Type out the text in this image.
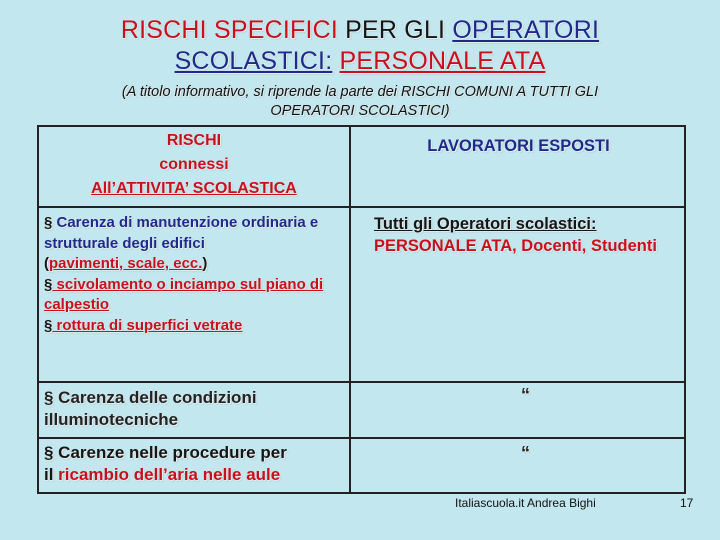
RISCHI SPECIFICI PER GLI OPERATORI
SCOLASTICI: PERSONALE ATA
(A titolo informativo, si riprende la parte dei RISCHI COMUNI A TUTTI GLI
OPERATORI SCOLASTICI)
RISCHI
connessi
All’ATTIVITA’ SCOLASTICA
LAVORATORI ESPOSTI
§ Carenza di manutenzione ordinaria e strutturale degli edifici
(pavimenti, scale, ecc.)
§ scivolamento o inciampo sul piano di calpestio
§ rottura di superfici vetrate
Tutti gli Operatori scolastici:
PERSONALE ATA, Docenti, Studenti
§ Carenza delle condizioni illuminotecniche
“
§ Carenze nelle procedure per
il ricambio dell’aria nelle aule
“
Italiascuola.it Andrea Bighi	17
